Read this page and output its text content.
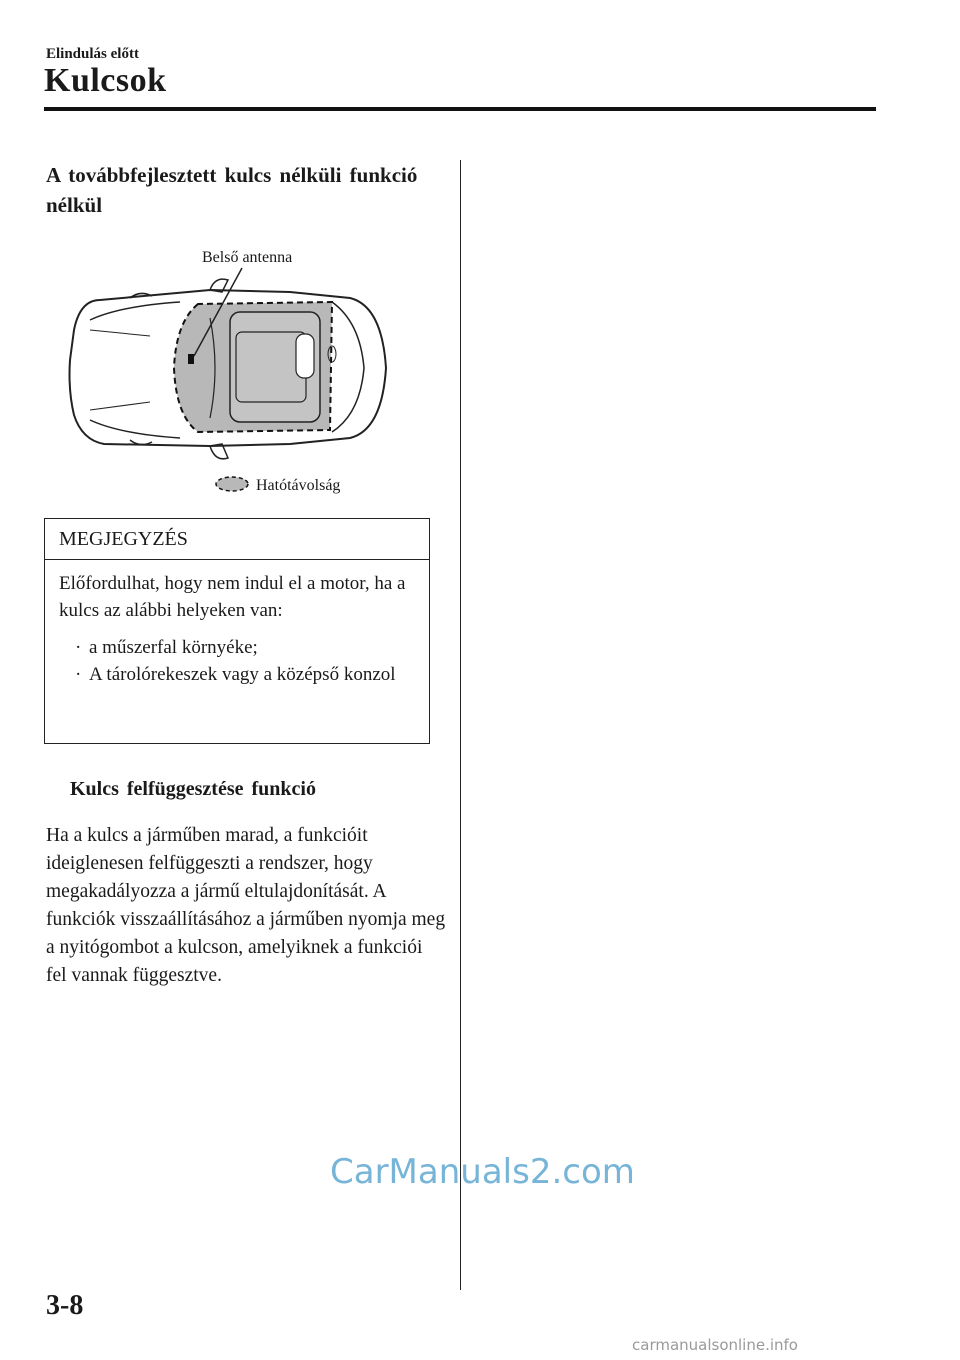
Elindulás előtt
Kulcsok
A továbbfejlesztett kulcs nélküli funkció nélkül
Belső antenna
Hatótávolság
MEGJEGYZÉS
Előfordulhat, hogy nem indul el a motor, ha a kulcs az alábbi helyeken van:
· a műszerfal környéke;
· A tárolórekeszek vagy a középső konzol
Kulcs felfüggesztése funkció
Ha a kulcs a járműben marad, a funkcióit ideiglenesen felfüggeszti a rendszer, hogy megakadályozza a jármű eltulajdonítását. A funkciók visszaállításához a járműben nyomja meg a nyitógombot a kulcson, amelyiknek a funkciói fel vannak függesztve.
CarManuals2.com
3-8
carmanualsonline.info
